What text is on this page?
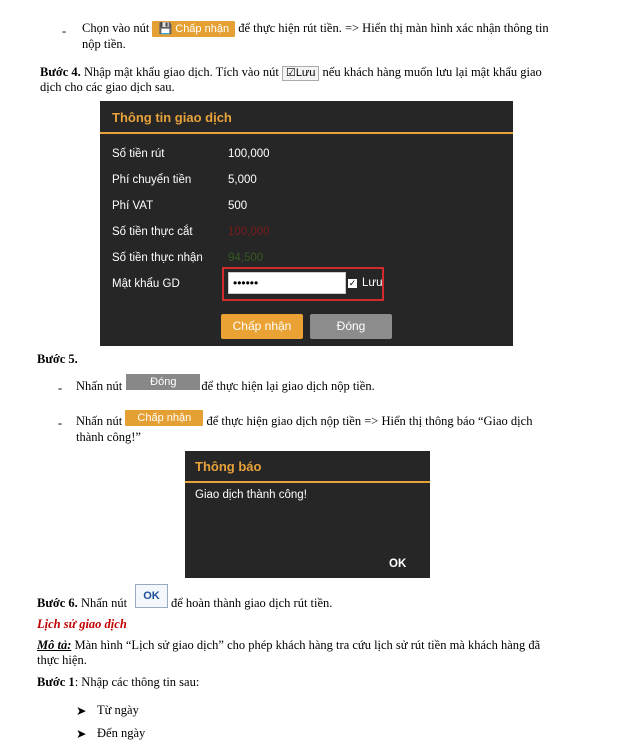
- Chọn vào nút 💾 Chấp nhận để thực hiện rút tiền. => Hiển thị màn hình xác nhận thông tin
nộp tiền.
Bước 4. Nhập mật khẩu giao dịch. Tích vào nút ☑Lưu nếu khách hàng muốn lưu lại mật khẩu giao
dịch cho các giao dịch sau.
Thông tin giao dịch
Số tiền rút	100,000
Phí chuyển tiền	5,000
Phí VAT	500
Số tiền thực cắt	100,000
Số tiền thực nhận 94,500
Mật khẩu GD
••••••	✓ Lưu
Chấp nhận	Đóng
Bước 5.
- Nhấn nút	Đóng để thực hiện lại giao dịch nộp tiền.
- Nhấn nút Chấp nhận để thực hiện giao dịch nộp tiền => Hiển thị thông báo “Giao dịch
thành công!”
Thông báo
Giao dịch thành công!
OK
OK
Bước 6. Nhấn nút	để hoàn thành giao dịch rút tiền.
Lịch sử giao dịch
Mô tả: Màn hình “Lịch sử giao dịch” cho phép khách hàng tra cứu lịch sử rút tiền mà khách hàng đã
thực hiện.
Bước 1: Nhập các thông tin sau:
➤ Từ ngày
➤ Đến ngày
